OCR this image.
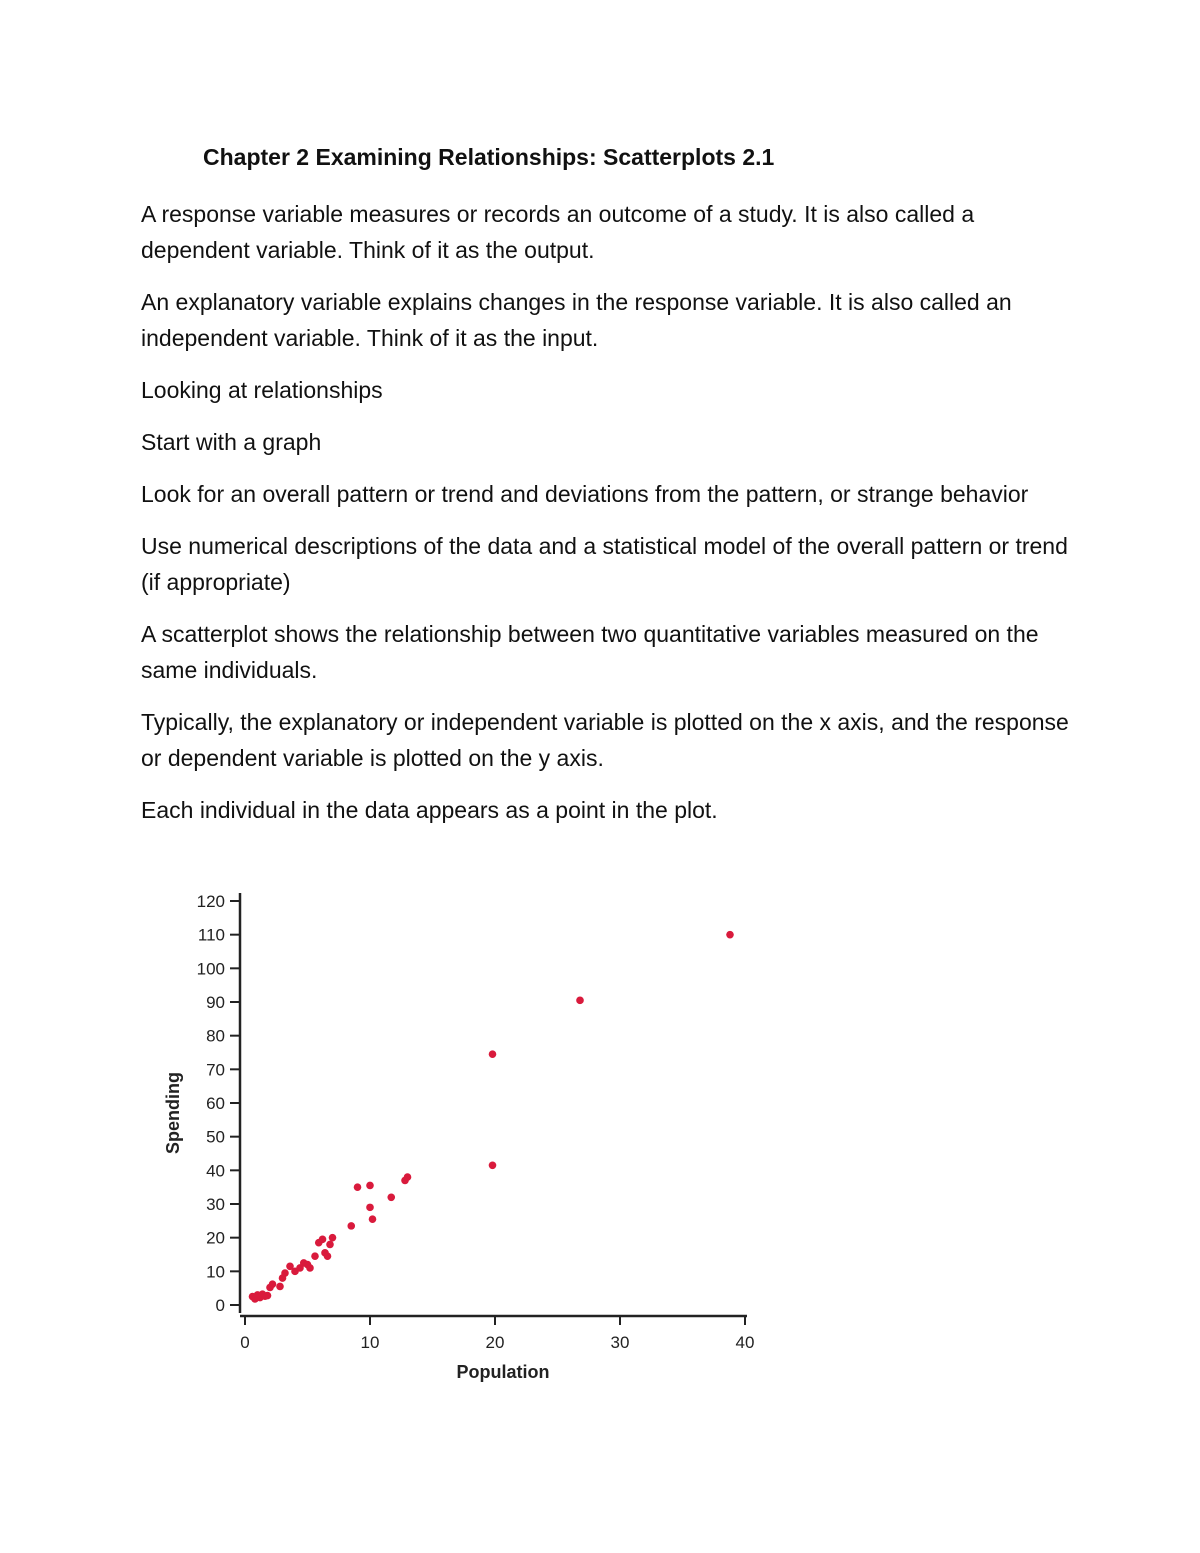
Chapter 2 Examining Relationships: Scatterplots 2.1

A response variable measures or records an outcome of a study. It is also called a dependent variable. Think of it as the output.

An explanatory variable explains changes in the response variable. It is also called an independent variable. Think of it as the input.

Looking at relationships

Start with a graph

Look for an overall pattern or trend and deviations from the pattern, or strange behavior

Use numerical descriptions of the data and a statistical model of the overall pattern or trend (if appropriate)

A scatterplot shows the relationship between two quantitative variables measured on the same individuals.

Typically, the explanatory or independent variable is plotted on the x axis, and the response or dependent variable is plotted on the y axis.

Each individual in the data appears as a point in the plot.

0
10
20
30
40
50
60
70
80
90
100
110
120
0	10	20	30	40
Spending
Population
